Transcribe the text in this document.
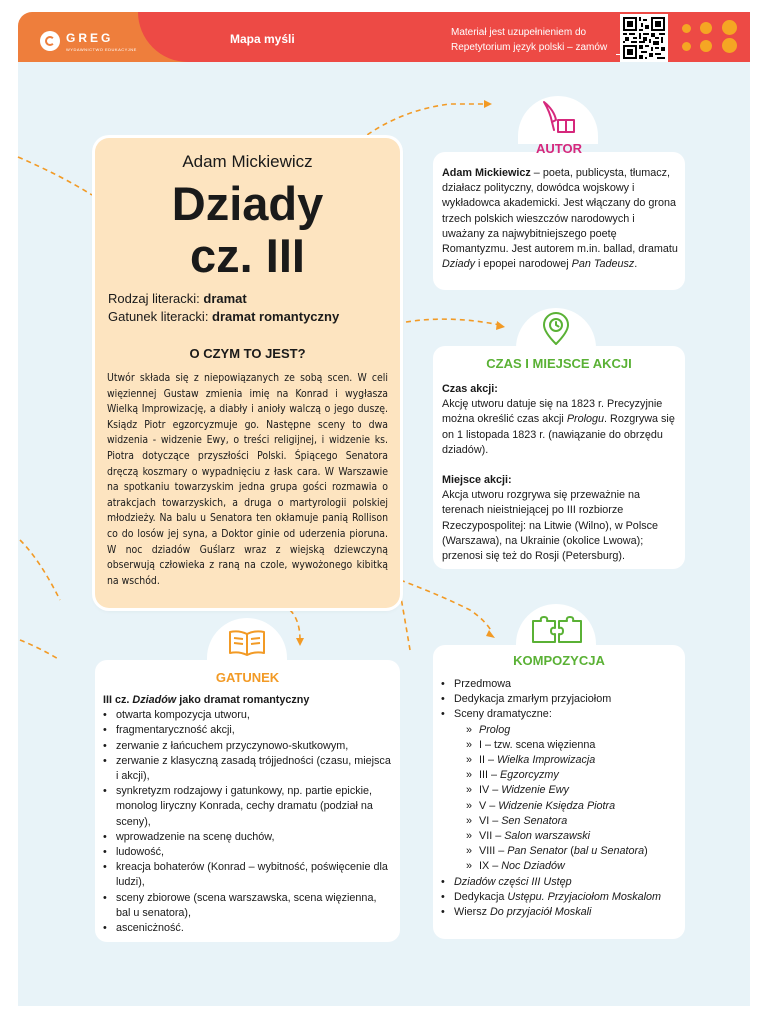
GREG
WYDAWNICTWO EDUKACYJNE
Mapa myśli	Materiał jest uzupełnieniem do
Repetytorium język polski – zamów
Adam Mickiewicz
Dziady
cz. III
Rodzaj literacki: dramat
Gatunek literacki: dramat romantyczny
O CZYM TO JEST?
Utwór składa się z niepowiązanych ze sobą scen. W celi więziennej Gustaw zmienia imię na Konrad i wygłasza Wielką Improwizację, a diabły i anioły walczą o jego duszę. Ksiądz Piotr egzorcyzmuje go. Następne sceny to dwa widzenia - widzenie Ewy, o treści religijnej, i widzenie ks. Piotra dotyczące przyszłości Polski. Śpiącego Senatora dręczą koszmary o wypadnięciu z łask cara. W Warszawie na spotkaniu towarzyskim jedna grupa gości rozmawia o atrakcjach towarzyskich, a druga o martyrologii polskiej młodzieży. Na balu u Senatora ten okłamuje panią Rollison co do losów jej syna, a Doktor ginie od uderzenia pioruna. W noc dziadów Guślarz wraz z wiejską dziewczyną obserwują człowieka z raną na czole, wywożonego kibitką na wschód.
AUTOR
Adam Mickiewicz – poeta, publicysta, tłumacz, działacz polityczny, dowódca wojskowy i wykładowca akademicki. Jest włączany do grona trzech polskich wieszczów narodowych i uważany za najwybitniejszego poetę Romantyzmu. Jest autorem m.in. ballad, dramatu Dziady i epopei narodowej Pan Tadeusz.
CZAS I MIEJSCE AKCJI
Czas akcji:
Akcję utworu datuje się na 1823 r. Precyzyjnie można określić czas akcji Prologu. Rozgrywa się on 1 listopada 1823 r. (nawiązanie do obrzędu dziadów).
Miejsce akcji:
Akcja utworu rozgrywa się przeważnie na terenach nieistniejącej po III rozbiorze Rzeczypospolitej: na Litwie (Wilno), w Polsce (Warszawa), na Ukrainie (okolice Lwowa); przenosi się też do Rosji (Petersburg).
GATUNEK
III cz. Dziadów jako dramat romantyczny
• otwarta kompozycja utworu,
• fragmentaryczność akcji,
• zerwanie z łańcuchem przyczynowo-skutkowym,
• zerwanie z klasyczną zasadą trójjedności (czasu, miejsca i akcji),
• synkretyzm rodzajowy i gatunkowy, np. partie epickie, monolog liryczny Konrada, cechy dramatu (podział na sceny),
• wprowadzenie na scenę duchów,
• ludowość,
• kreacja bohaterów (Konrad – wybitność, poświęcenie dla ludzi),
• sceny zbiorowe (scena warszawska, scena więzienna, bal u senatora),
• ascenicżność.
KOMPOZYCJA
• Przedmowa
• Dedykacja zmarłym przyjaciołom
• Sceny dramatyczne:
» Prolog
» I – tzw. scena więzienna
» II – Wielka Improwizacja
» III – Egzorcyzmy
» IV – Widzenie Ewy
» V – Widzenie Księdza Piotra
» VI – Sen Senatora
» VII – Salon warszawski
» VIII – Pan Senator (bal u Senatora)
» IX – Noc Dziadów
• Dziadów części III Ustęp
• Dedykacja Ustępu. Przyjaciołom Moskalom
• Wiersz Do przyjaciół Moskali
